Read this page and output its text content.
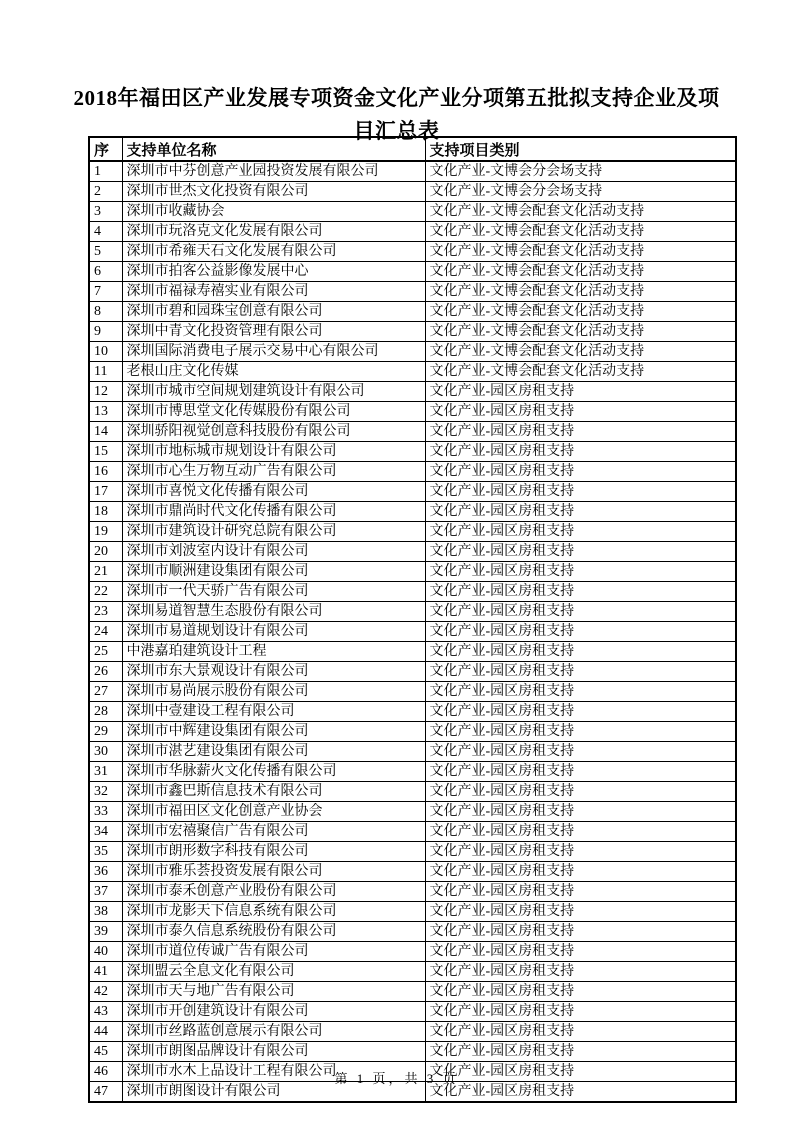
2018年福田区产业发展专项资金文化产业分项第五批拟支持企业及项目汇总表
序	支持单位名称	支持项目类别
1	深圳市中芬创意产业园投资发展有限公司	文化产业-文博会分会场支持
2	深圳市世杰文化投资有限公司	文化产业-文博会分会场支持
3	深圳市收藏协会	文化产业-文博会配套文化活动支持
4	深圳市玩洛克文化发展有限公司	文化产业-文博会配套文化活动支持
5	深圳市希雍天石文化发展有限公司	文化产业-文博会配套文化活动支持
6	深圳市拍客公益影像发展中心	文化产业-文博会配套文化活动支持
7	深圳市福禄寿禧实业有限公司	文化产业-文博会配套文化活动支持
8	深圳市碧和园珠宝创意有限公司	文化产业-文博会配套文化活动支持
9	深圳中青文化投资管理有限公司	文化产业-文博会配套文化活动支持
10	深圳国际消费电子展示交易中心有限公司	文化产业-文博会配套文化活动支持
11	老根山庄文化传媒	文化产业-文博会配套文化活动支持
12	深圳市城市空间规划建筑设计有限公司	文化产业-园区房租支持
13	深圳市博思堂文化传媒股份有限公司	文化产业-园区房租支持
14	深圳骄阳视觉创意科技股份有限公司	文化产业-园区房租支持
15	深圳市地标城市规划设计有限公司	文化产业-园区房租支持
16	深圳市心生万物互动广告有限公司	文化产业-园区房租支持
17	深圳市喜悦文化传播有限公司	文化产业-园区房租支持
18	深圳市鼎尚时代文化传播有限公司	文化产业-园区房租支持
19	深圳市建筑设计研究总院有限公司	文化产业-园区房租支持
20	深圳市刘波室内设计有限公司	文化产业-园区房租支持
21	深圳市顺洲建设集团有限公司	文化产业-园区房租支持
22	深圳市一代天骄广告有限公司	文化产业-园区房租支持
23	深圳易道智慧生态股份有限公司	文化产业-园区房租支持
24	深圳市易道规划设计有限公司	文化产业-园区房租支持
25	中港嘉珀建筑设计工程	文化产业-园区房租支持
26	深圳市东大景观设计有限公司	文化产业-园区房租支持
27	深圳市易尚展示股份有限公司	文化产业-园区房租支持
28	深圳中壹建设工程有限公司	文化产业-园区房租支持
29	深圳市中辉建设集团有限公司	文化产业-园区房租支持
30	深圳市湛艺建设集团有限公司	文化产业-园区房租支持
31	深圳市华脉薪火文化传播有限公司	文化产业-园区房租支持
32	深圳市鑫巴斯信息技术有限公司	文化产业-园区房租支持
33	深圳市福田区文化创意产业协会	文化产业-园区房租支持
34	深圳市宏禧聚信广告有限公司	文化产业-园区房租支持
35	深圳市朗形数字科技有限公司	文化产业-园区房租支持
36	深圳市雅乐荟投资发展有限公司	文化产业-园区房租支持
37	深圳市泰禾创意产业股份有限公司	文化产业-园区房租支持
38	深圳市龙影天下信息系统有限公司	文化产业-园区房租支持
39	深圳市泰久信息系统股份有限公司	文化产业-园区房租支持
40	深圳市道位传诚广告有限公司	文化产业-园区房租支持
41	深圳盟云全息文化有限公司	文化产业-园区房租支持
42	深圳市天与地广告有限公司	文化产业-园区房租支持
43	深圳市开创建筑设计有限公司	文化产业-园区房租支持
44	深圳市丝路蓝创意展示有限公司	文化产业-园区房租支持
45	深圳市朗图品牌设计有限公司	文化产业-园区房租支持
46	深圳市水木上品设计工程有限公司	文化产业-园区房租支持
47	深圳市朗图设计有限公司	文化产业-园区房租支持
第 1 页，共 3 页
